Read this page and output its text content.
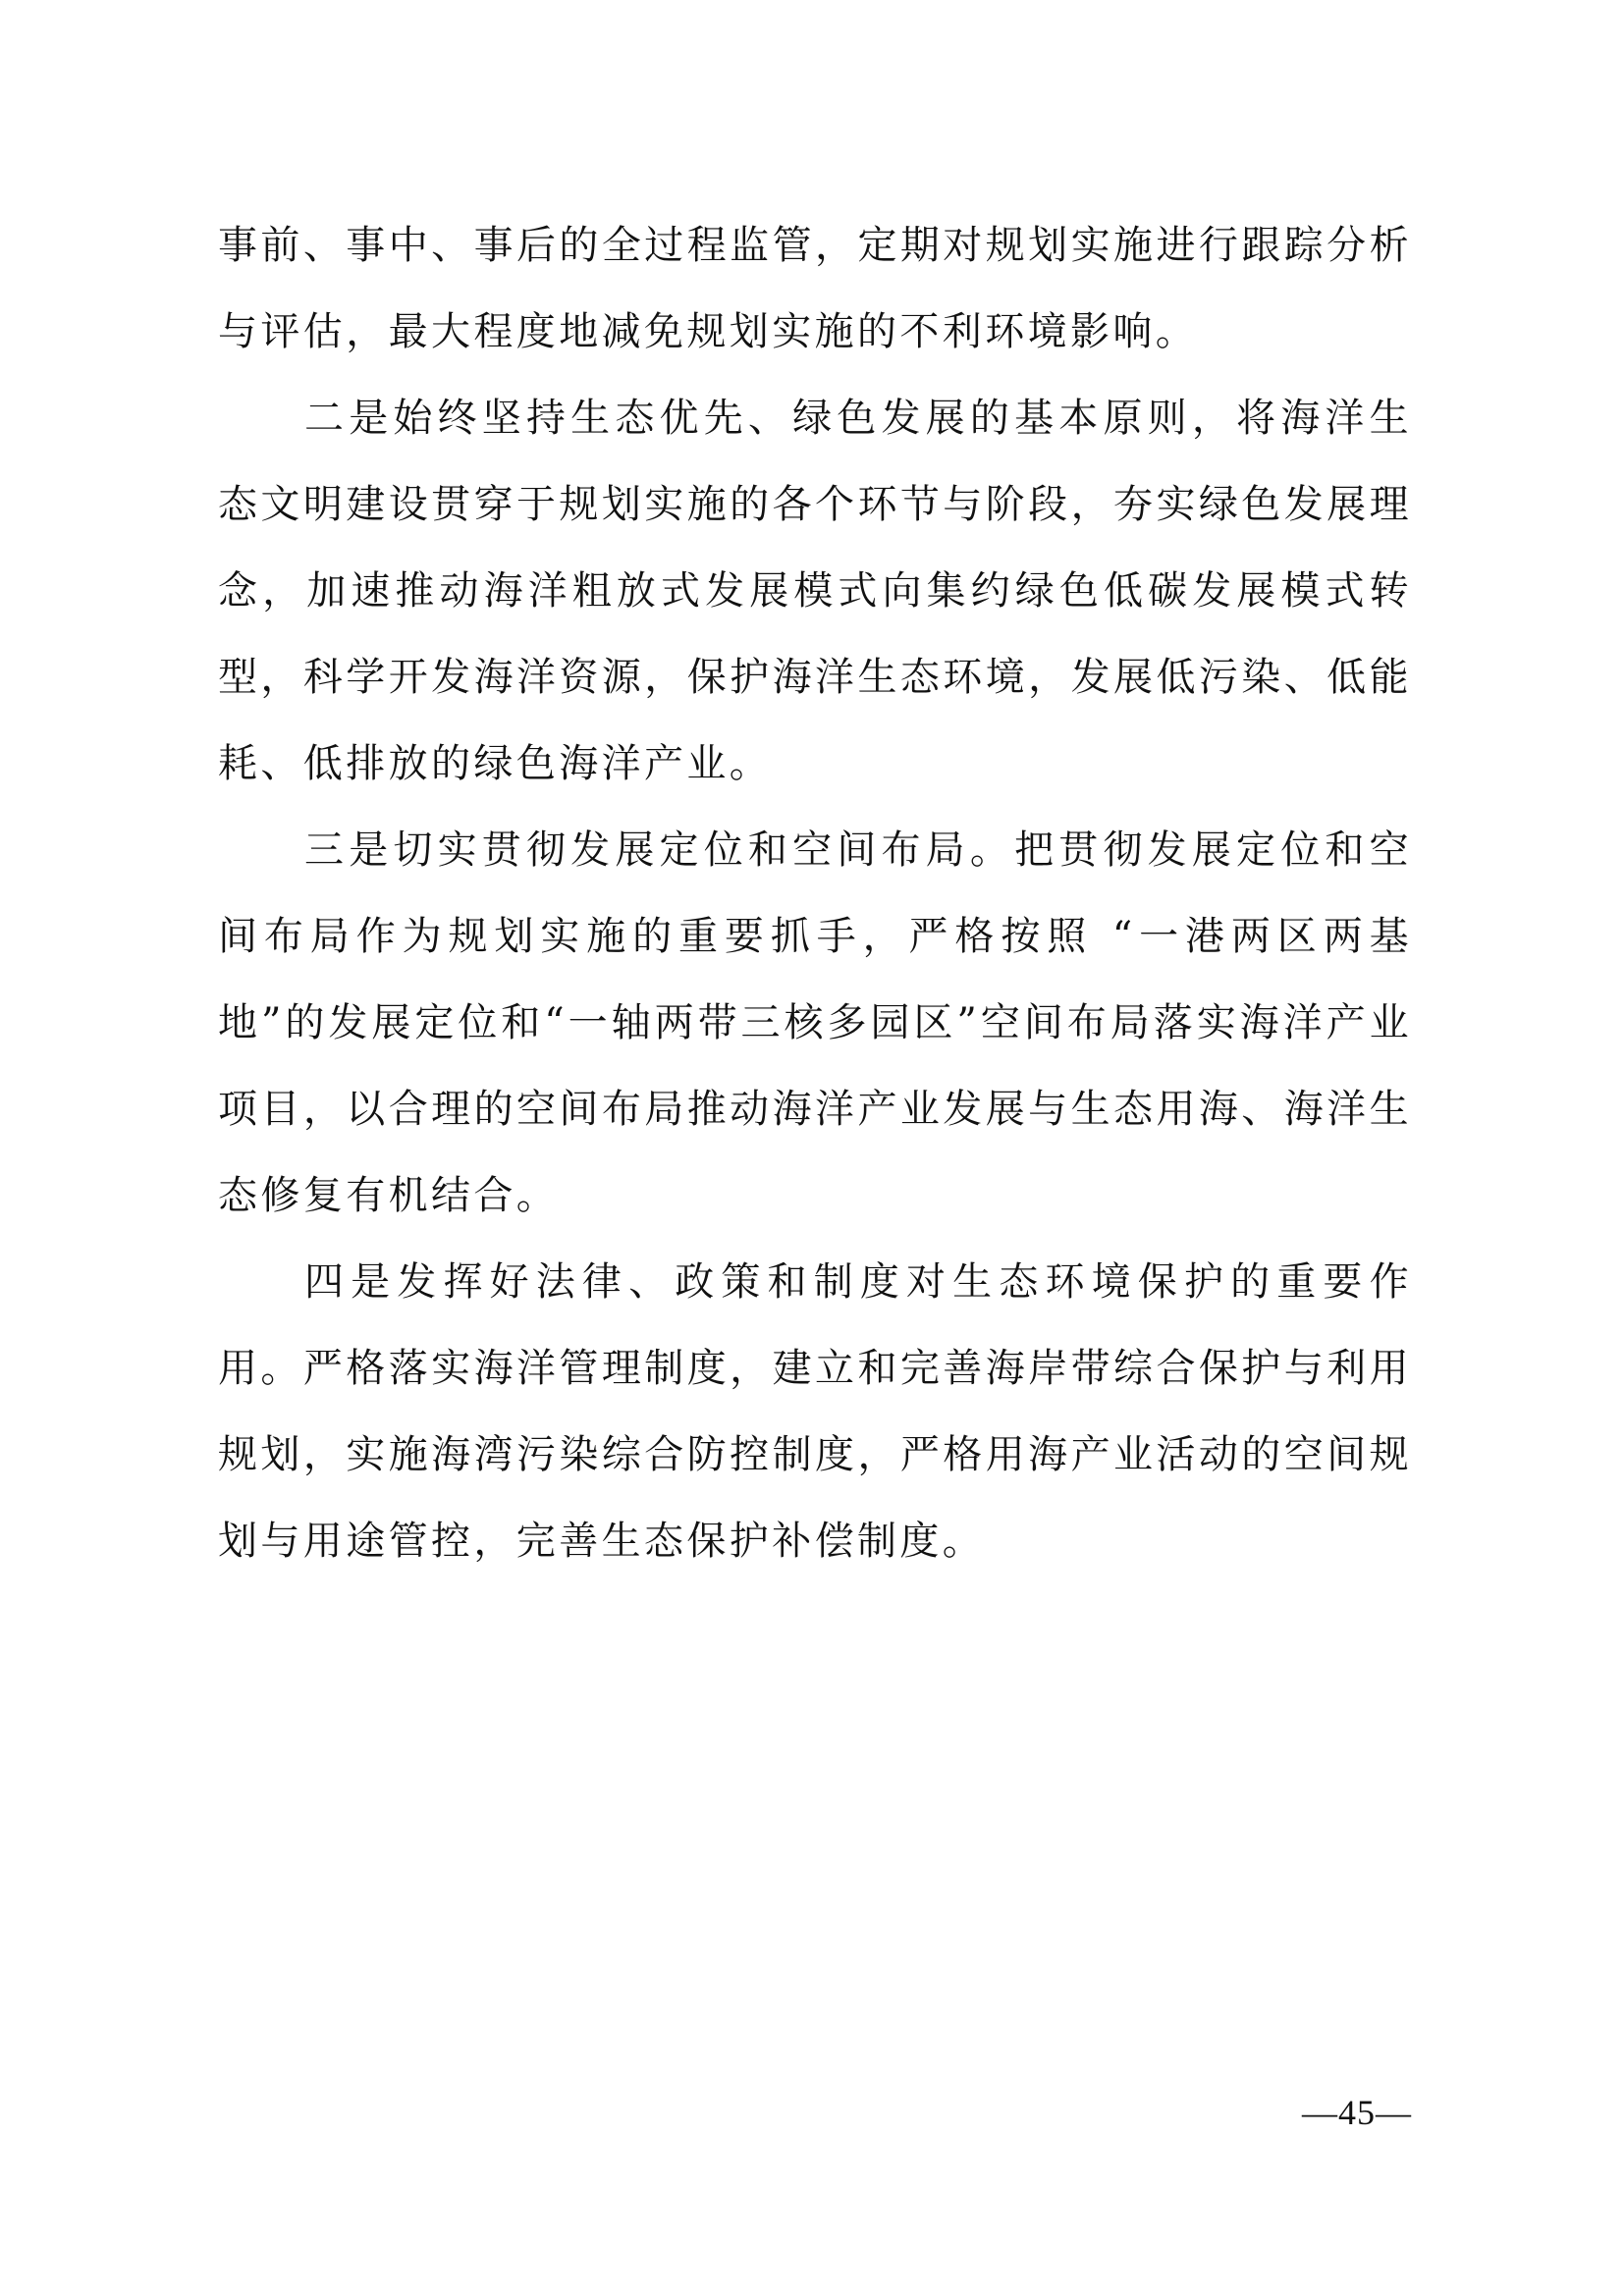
事前、事中、事后的全过程监管，定期对规划实施进行跟踪分析与评估，最大程度地减免规划实施的不利环境影响。

二是始终坚持生态优先、绿色发展的基本原则，将海洋生态文明建设贯穿于规划实施的各个环节与阶段，夯实绿色发展理念，加速推动海洋粗放式发展模式向集约绿色低碳发展模式转型，科学开发海洋资源，保护海洋生态环境，发展低污染、低能耗、低排放的绿色海洋产业。

三是切实贯彻发展定位和空间布局。把贯彻发展定位和空间布局作为规划实施的重要抓手，严格按照 “一港两区两基地”的发展定位和“一轴两带三核多园区”空间布局落实海洋产业项目，以合理的空间布局推动海洋产业发展与生态用海、海洋生态修复有机结合。

四是发挥好法律、政策和制度对生态环境保护的重要作用。严格落实海洋管理制度，建立和完善海岸带综合保护与利用规划，实施海湾污染综合防控制度，严格用海产业活动的空间规划与用途管控，完善生态保护补偿制度。

—45—
